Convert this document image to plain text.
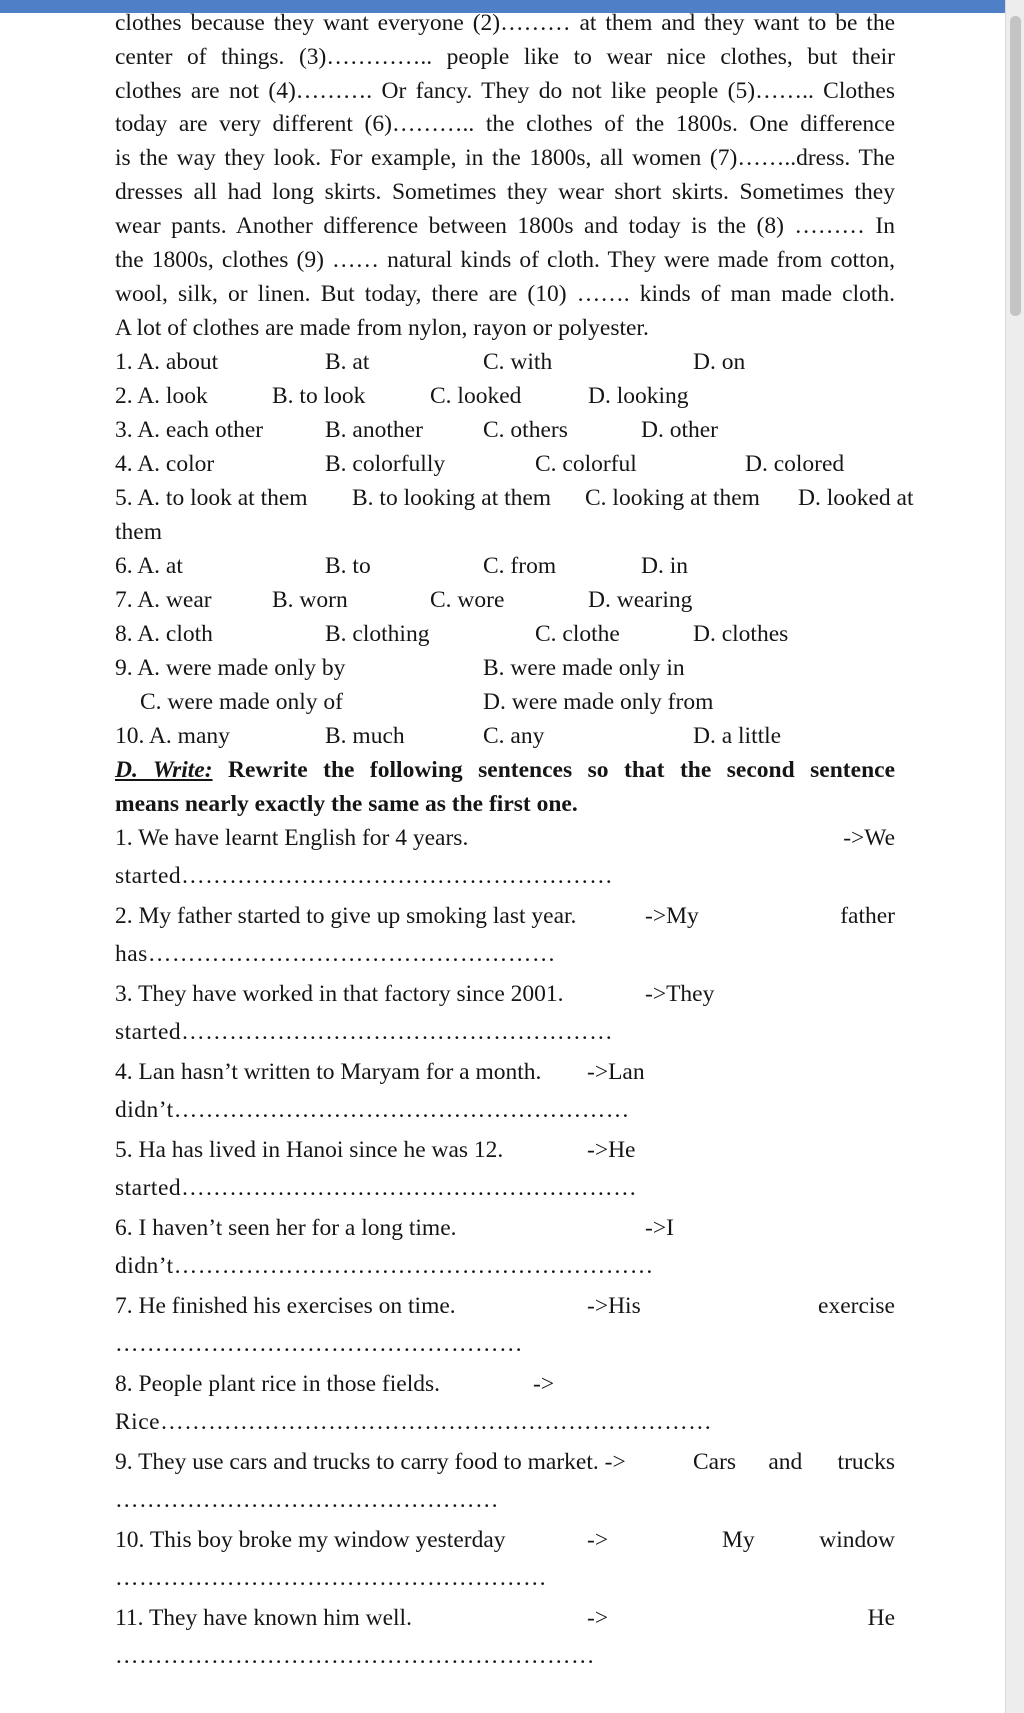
clothes because they want everyone (2)……… at them and they want to be the
center of things. (3)………….. people like to wear nice clothes, but their
clothes are not (4)………. Or fancy. They do not like people (5)…….. Clothes
today are very different (6)……….. the clothes of the 1800s. One difference
is the way they look. For example, in the 1800s, all women (7)……..dress. The
dresses all had long skirts. Sometimes they wear short skirts. Sometimes they
wear pants. Another difference between 1800s and today is the (8) ……… In
the 1800s, clothes (9) …… natural kinds of cloth. They were made from cotton,
wool, silk, or linen. But today, there are (10) ……. kinds of man made cloth.
A lot of clothes are made from nylon, rayon or polyester.
1. A. about	B. at	C. with	D. on
2. A. look	B. to look	C. looked	D. looking
3. A. each other	B. another	C. others	D. other
4. A. color	B. colorfully	C. colorful	D. colored
5. A. to look at them B. to looking at them C. looking at them D. looked at
them
6. A. at	B. to	C. from	D. in
7. A. wear	B. worn	C. wore	D. wearing
8. A. cloth	B. clothing	C. clothe	D. clothes
9. A. were made only by	B. were made only in
C. were made only of	D. were made only from
10. A. many	B. much	C. any	D. a little
D. Write: Rewrite the following sentences so that the second sentence
means nearly exactly the same as the first one.
1. We have learnt English for 4 years.	->We
started………………………………………………
2. My father started to give up smoking last year.	->My	father
has……………………………………………
3. They have worked in that factory since 2001.	->They
started………………………………………………
4. Lan hasn’t written to Maryam for a month. ->Lan
didn’t…………………………………………………
5. Ha has lived in Hanoi since he was 12.	->He
started…………………………………………………
6. I haven’t seen her for a long time.	->I
didn’t……………………………………………………
7. He finished his exercises on time.	->His	exercise
……………………………………………
8. People plant rice in those fields.	->
Rice……………………………………………………………
9. They use cars and trucks to carry food to market. ->	Cars and      trucks
…………………………………………
10. This boy broke my window yesterday	->	My           window
………………………………………………
11. They have known him well.	->	He
……………………………………………………
